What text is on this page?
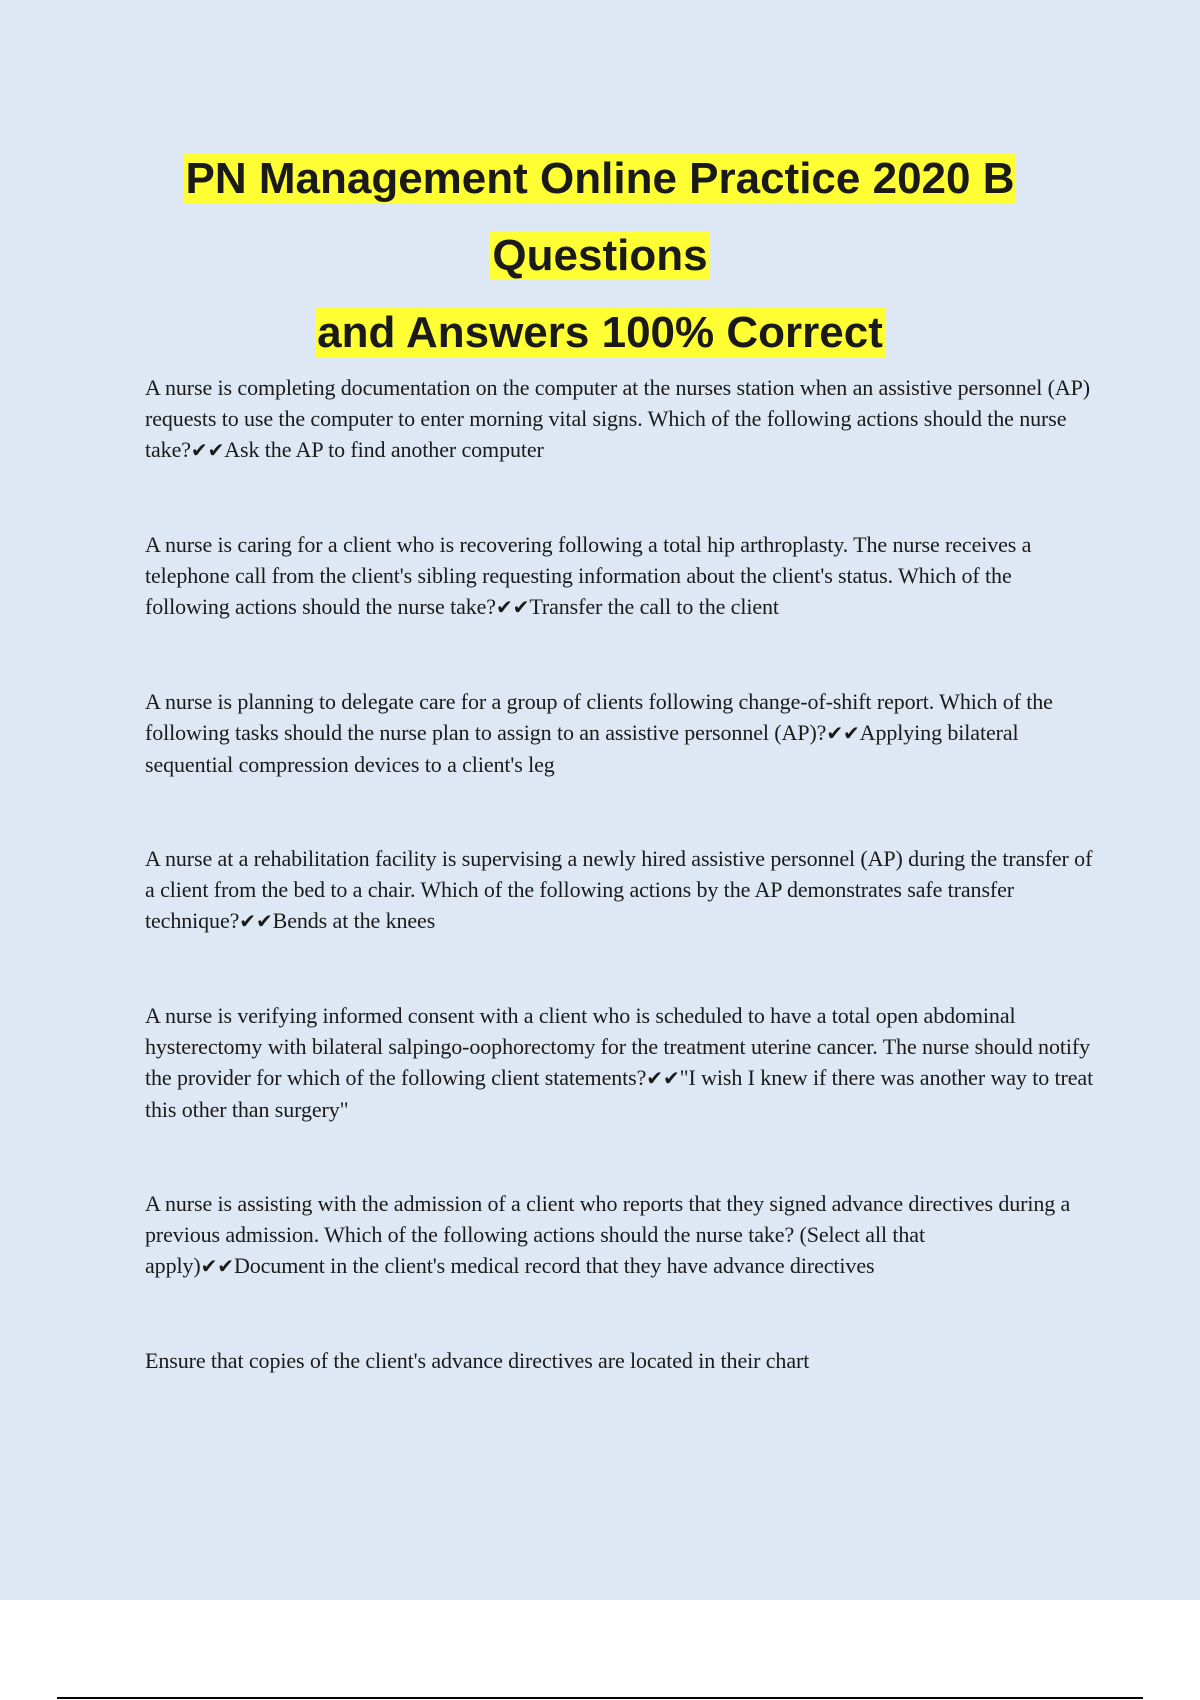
PN Management Online Practice 2020 B
Questions
and Answers 100% Correct

A nurse is completing documentation on the computer at the nurses station when an assistive personnel (AP) requests to use the computer to enter morning vital signs. Which of the following actions should the nurse take?✔✔Ask the AP to find another computer

A nurse is caring for a client who is recovering following a total hip arthroplasty. The nurse receives a telephone call from the client's sibling requesting information about the client's status. Which of the following actions should the nurse take?✔✔Transfer the call to the client

A nurse is planning to delegate care for a group of clients following change-of-shift report. Which of the following tasks should the nurse plan to assign to an assistive personnel (AP)?✔✔Applying bilateral sequential compression devices to a client's leg

A nurse at a rehabilitation facility is supervising a newly hired assistive personnel (AP) during the transfer of a client from the bed to a chair. Which of the following actions by the AP demonstrates safe transfer technique?✔✔Bends at the knees

A nurse is verifying informed consent with a client who is scheduled to have a total open abdominal hysterectomy with bilateral salpingo-oophorectomy for the treatment uterine cancer. The nurse should notify the provider for which of the following client statements?✔✔"I wish I knew if there was another way to treat this other than surgery"

A nurse is assisting with the admission of a client who reports that they signed advance directives during a previous admission. Which of the following actions should the nurse take? (Select all that apply)✔✔Document in the client's medical record that they have advance directives

Ensure that copies of the client's advance directives are located in their chart
